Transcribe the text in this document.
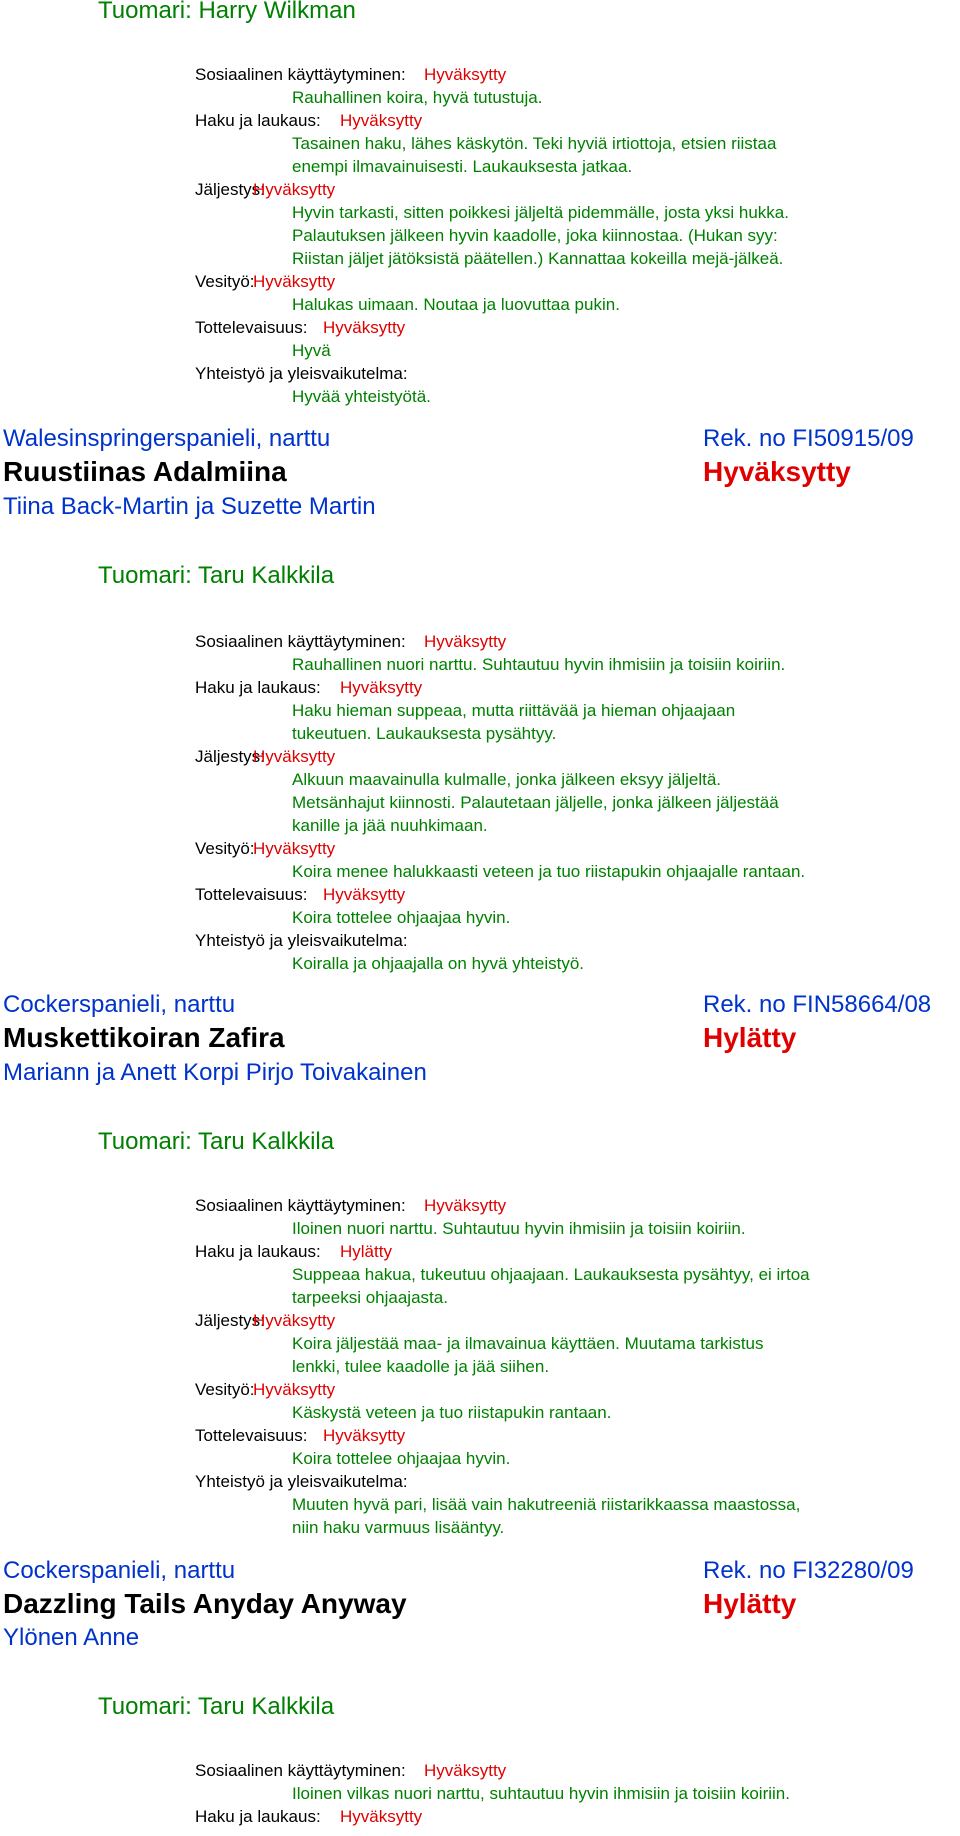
Tuomari: Harry Wilkman
Sosiaalinen käyttäytyminen: Hyväksytty
Rauhallinen koira, hyvä tutustuja.
Haku ja laukaus: Hyväksytty
Tasainen haku, lähes käskytön. Teki hyviä irtiottoja, etsien riistaa
enempi ilmavainuisesti. Laukauksesta jatkaa.
Jäljestys:
Hyväksytty
Hyvin tarkasti, sitten poikkesi jäljeltä pidemmälle, josta yksi hukka.
Palautuksen jälkeen hyvin kaadolle, joka kiinnostaa. (Hukan syy:
Riistan jäljet jätöksistä päätellen.) Kannattaa kokeilla mejä-jälkeä.
Vesityö:
Hyväksytty
Halukas uimaan. Noutaa ja luovuttaa pukin.
Tottelevaisuus: Hyväksytty
Hyvä
Yhteistyö ja yleisvaikutelma:
Hyvää yhteistyötä.
Walesinspringerspanieli, narttu	Rek. no FI50915/09
Ruustiinas Adalmiina	Hyväksytty
Tiina Back-Martin ja Suzette Martin
Tuomari: Taru Kalkkila
Sosiaalinen käyttäytyminen: Hyväksytty
Rauhallinen nuori narttu. Suhtautuu hyvin ihmisiin ja toisiin koiriin.
Haku ja laukaus: Hyväksytty
Haku hieman suppeaa, mutta riittävää ja hieman ohjaajaan
tukeutuen. Laukauksesta pysähtyy.
Jäljestys:
Hyväksytty
Alkuun maavainulla kulmalle, jonka jälkeen eksyy jäljeltä.
Metsänhajut kiinnosti. Palautetaan jäljelle, jonka jälkeen jäljestää
kanille ja jää nuuhkimaan.
Vesityö:
Hyväksytty
Koira menee halukkaasti veteen ja tuo riistapukin ohjaajalle rantaan.
Tottelevaisuus: Hyväksytty
Koira tottelee ohjaajaa hyvin.
Yhteistyö ja yleisvaikutelma:
Koiralla ja ohjaajalla on hyvä yhteistyö.
Cockerspanieli, narttu	Rek. no FIN58664/08
Muskettikoiran Zafira	Hylätty
Mariann ja Anett Korpi Pirjo Toivakainen
Tuomari: Taru Kalkkila
Sosiaalinen käyttäytyminen: Hyväksytty
Iloinen nuori narttu. Suhtautuu hyvin ihmisiin ja toisiin koiriin.
Haku ja laukaus: Hylätty
Suppeaa hakua, tukeutuu ohjaajaan. Laukauksesta pysähtyy, ei irtoa
tarpeeksi ohjaajasta.
Jäljestys:
Hyväksytty
Koira jäljestää maa- ja ilmavainua käyttäen. Muutama tarkistus
lenkki, tulee kaadolle ja jää siihen.
Vesityö:
Hyväksytty
Käskystä veteen ja tuo riistapukin rantaan.
Tottelevaisuus: Hyväksytty
Koira tottelee ohjaajaa hyvin.
Yhteistyö ja yleisvaikutelma:
Muuten hyvä pari, lisää vain hakutreeniä riistarikkaassa maastossa,
niin haku varmuus lisääntyy.
Cockerspanieli, narttu	Rek. no FI32280/09
Dazzling Tails Anyday Anyway	Hylätty
Ylönen Anne
Tuomari: Taru Kalkkila
Sosiaalinen käyttäytyminen: Hyväksytty
Iloinen vilkas nuori narttu, suhtautuu hyvin ihmisiin ja toisiin koiriin.
Haku ja laukaus: Hyväksytty
